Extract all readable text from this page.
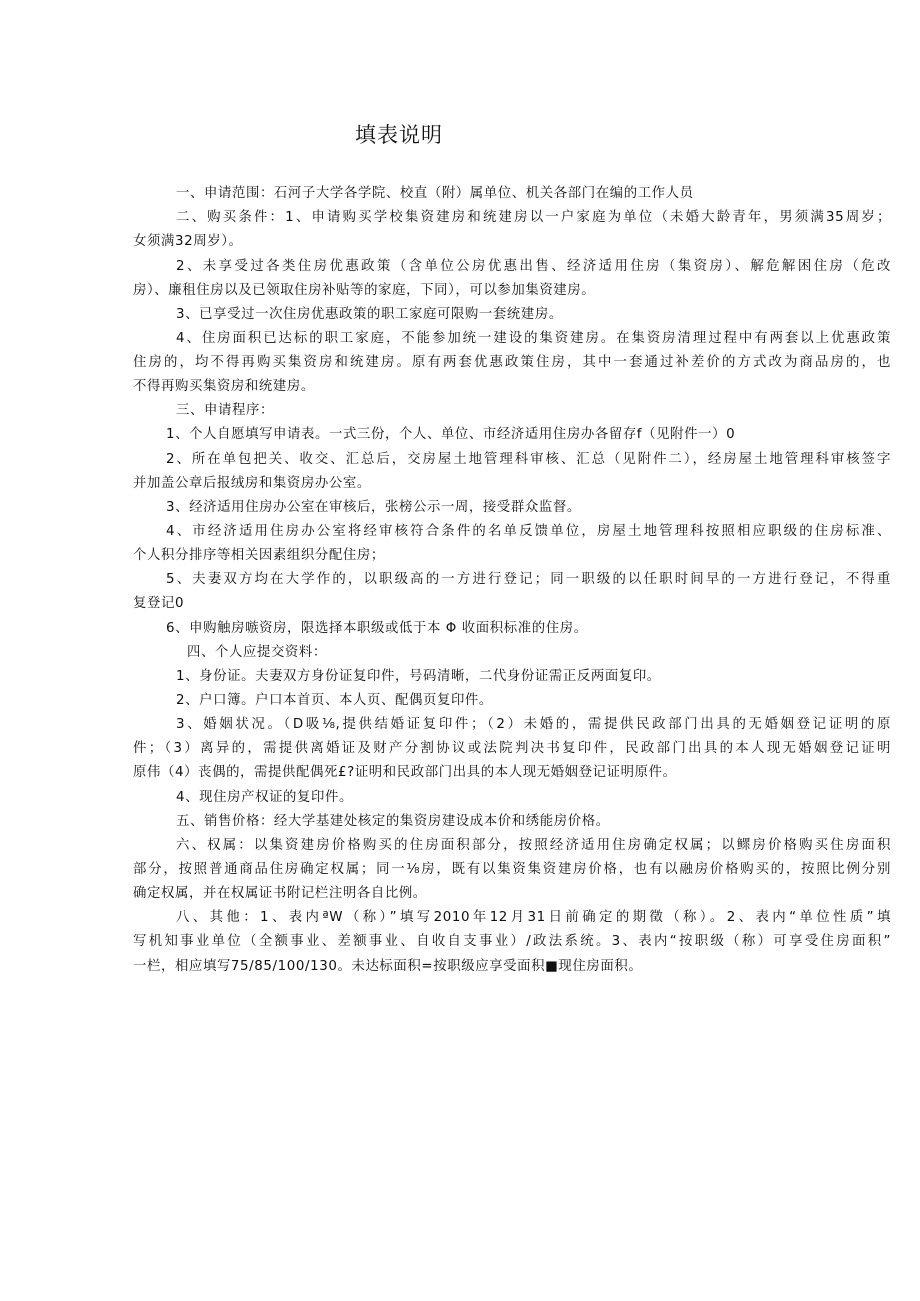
填表说明
一、申请范围：石河子大学各学院、校直（附）属单位、机关各部门在编的工作人员
二、购买条件：1、申请购买学校集资建房和统建房以一户家庭为单位（未婚大龄青年，男须满35周岁；
女须满32周岁）。
2、未享受过各类住房优惠政策（含单位公房优惠出售、经济适用住房（集资房）、解危解困住房（危改
房）、廉租住房以及已领取住房补贴等的家庭，下同），可以参加集资建房。
3、已享受过一次住房优惠政策的职工家庭可限购一套统建房。
4、住房面积已达标的职工家庭，不能参加统一建设的集资建房。在集资房清理过程中有两套以上优惠政策
住房的，均不得再购买集资房和统建房。原有两套优惠政策住房，其中一套通过补差价的方式改为商品房的，也
不得再购买集资房和统建房。
三、申请程序：
1、个人自愿填写申请表。一式三份，个人、单位、市经济适用住房办各留存f（见附件一）0
2、所在单包把关、收交、汇总后，交房屋土地管理科审核、汇总（见附件二），经房屋土地管理科审核签字
并加盖公章后报绒房和集资房办公室。
3、经济适用住房办公室在审核后，张榜公示一周，接受群众监督。
4、市经济适用住房办公室将经审核符合条件的名单反馈单位，房屋土地管理科按照相应职级的住房标准、
个人积分排序等相关因素组织分配住房；
5、夫妻双方均在大学作的，以职级高的一方进行登记；同一职级的以任职时间早的一方进行登记，不得重
复登记0
6、申购触房嗾资房，限选择本职级或低于本 Φ 收面积标准的住房。
四、个人应提交资料：
1、身份证。夫妻双方身份证复印件，号码清晰，二代身份证需正反两面复印。
2、户口簿。户口本首页、本人页、配偶页复印件。
3、婚姻状况。（D吸⅛,提供结婚证复印件；（2）未婚的，需提供民政部门出具的无婚姻登记证明的原
件；（3）离异的，需提供离婚证及财产分割协议或法院判决书复印件，民政部门出具的本人现无婚姻登记证明
原伟（4）丧偶的，需提供配偶死£?证明和民政部门出具的本人现无婚姻登记证明原件。
4、现住房产权证的复印件。
五、销售价格：经大学基建处核定的集资房建设成本价和绣能房价格。
六、权属：以集资建房价格购买的住房面积部分，按照经济适用住房确定权属；以鳏房价格购买住房面积
部分，按照普通商品住房确定权属；同一⅛房，既有以集资集资建房价格，也有以融房价格购买的，按照比例分别
确定权属，并在权属证书附记栏注明各自比例。
八、其他：1、表内ªW（称）”填写2010年12月31日前确定的期徵（称）。2、表内“单位性质”填
写机知事业单位（全额事业、差额事业、自收自支事业）/政法系统。3、表内“按职级（称）可享受住房面积”
一栏，相应填写75/85/100/130。未达标面积=按职级应享受面积■现住房面积。
